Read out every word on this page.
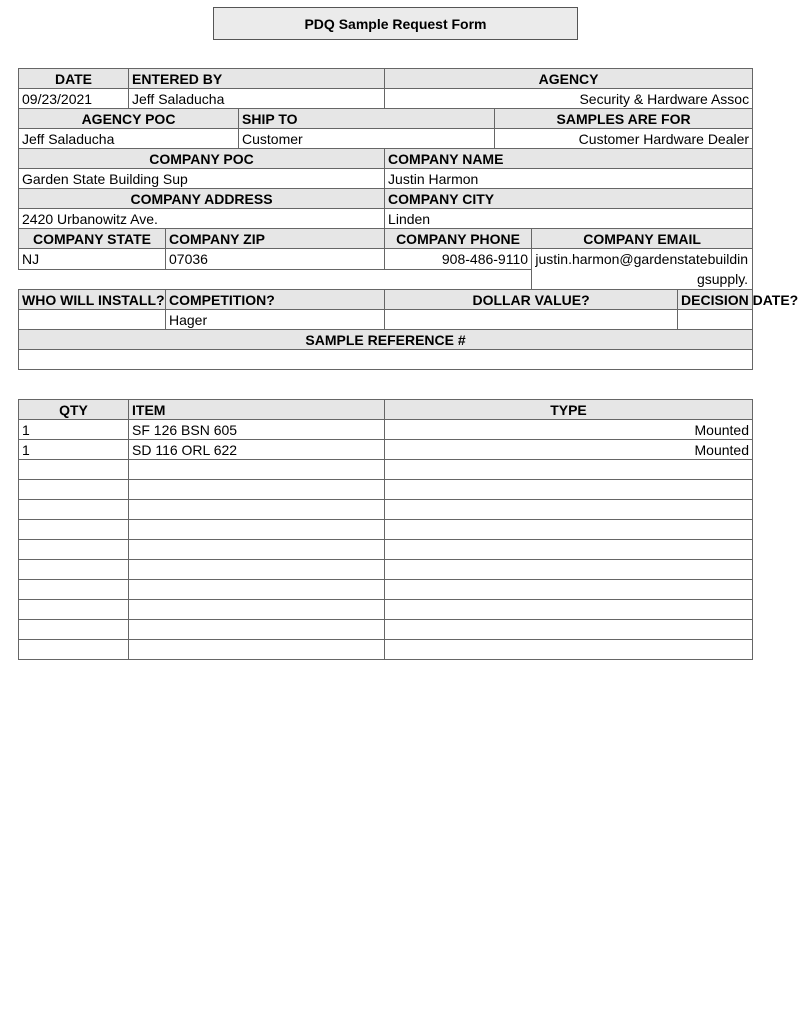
PDQ Sample Request Form
DATE	ENTERED BY			AGENCY			
09/23/2021	Jeff Saladucha			Security & Hardware Assoc			
AGENCY POC			SHIP TO		SAMPLES ARE FOR		
Jeff Saladucha			Customer		Customer Hardware Dealer		
COMPANY POC				COMPANY NAME			
Garden State Building Sup				Justin Harmon			
COMPANY ADDRESS				COMPANY CITY			
2420 Urbanowitz Ave.				Linden			
COMPANY STATE		COMPANY ZIP		COMPANY PHONE		COMPANY EMAIL	
NJ		07036		908-486-9110		justin.harmon@gardenstatebuildingsupply.	

WHO WILL INSTALL?		COMPETITION?		DOLLAR VALUE?			DECISION DATE?
		Hager					
SAMPLE REFERENCE #							

QTY	ITEM	TYPE
1	SF 126 BSN 605	Mounted
1	SD 116 ORL 622	Mounted
